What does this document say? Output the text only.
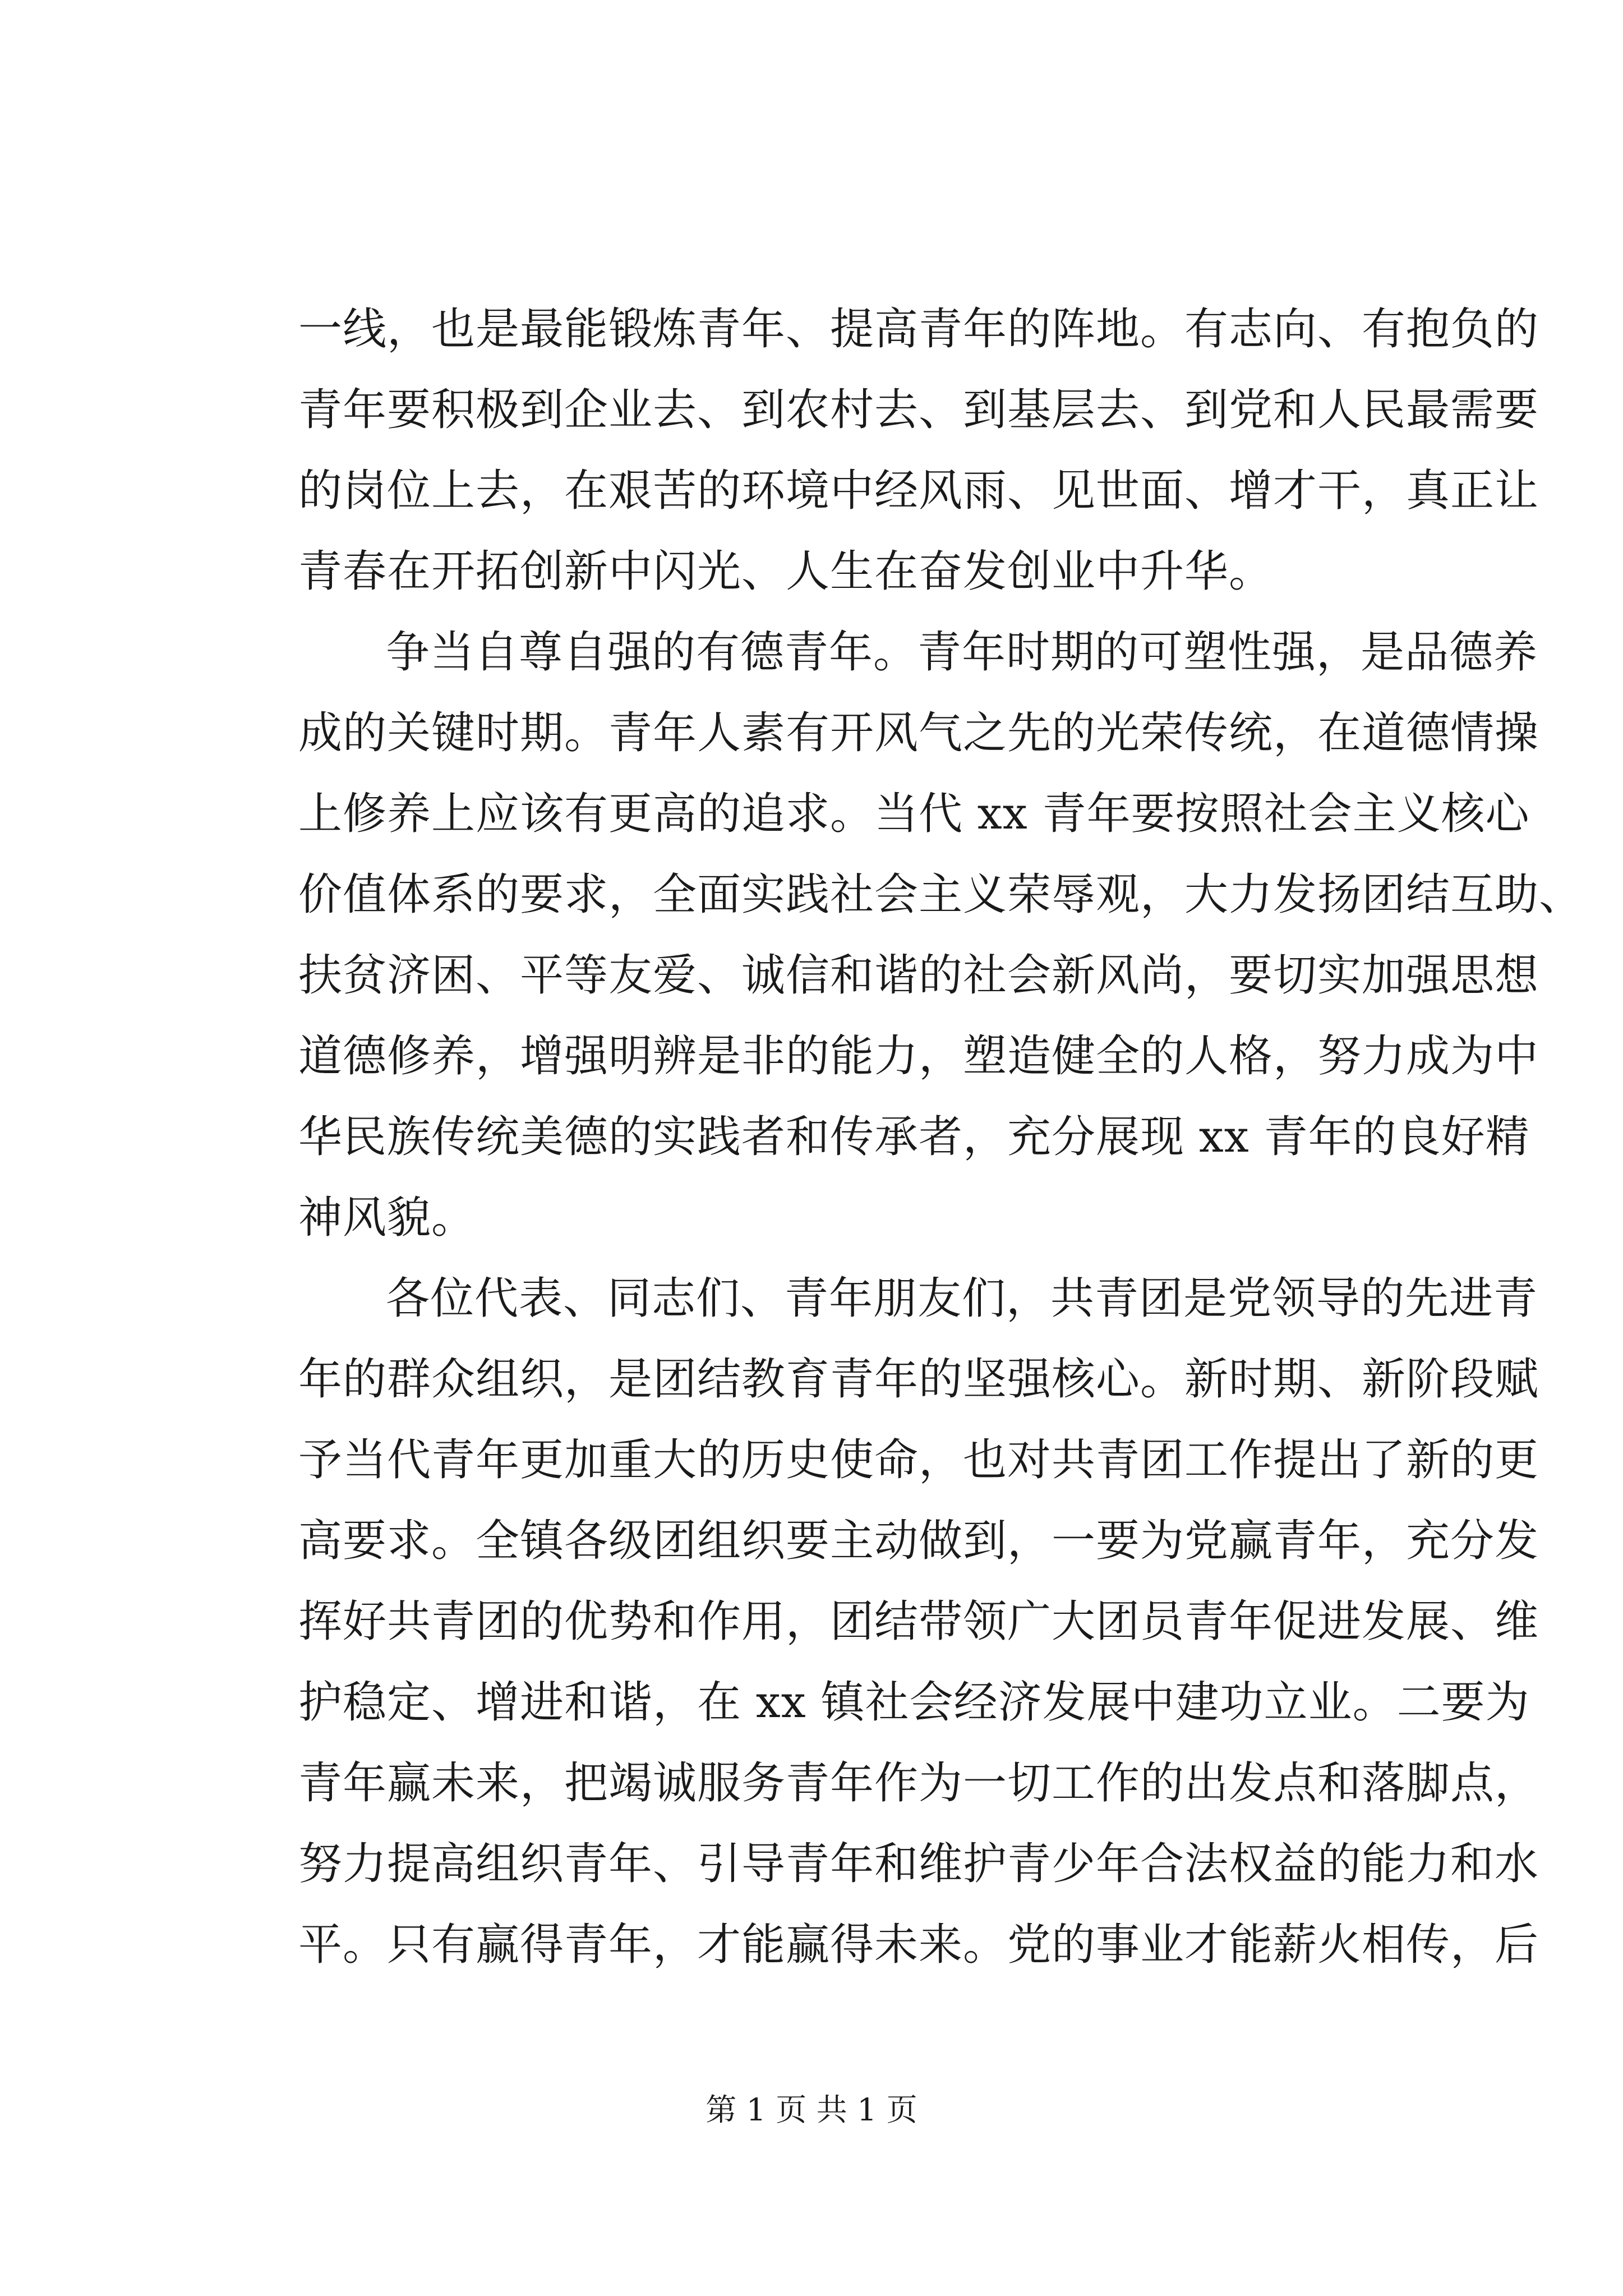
一线，也是最能锻炼青年、提高青年的阵地。有志向、有抱负的
青年要积极到企业去、到农村去、到基层去、到党和人民最需要
的岗位上去，在艰苦的环境中经风雨、见世面、增才干，真正让
青春在开拓创新中闪光、人生在奋发创业中升华。
争当自尊自强的有德青年。青年时期的可塑性强，是品德养
成的关键时期。青年人素有开风气之先的光荣传统，在道德情操
上修养上应该有更高的追求。当代 xx 青年要按照社会主义核心
价值体系的要求，全面实践社会主义荣辱观，大力发扬团结互助、
扶贫济困、平等友爱、诚信和谐的社会新风尚，要切实加强思想
道德修养，增强明辨是非的能力，塑造健全的人格，努力成为中
华民族传统美德的实践者和传承者，充分展现 xx 青年的良好精
神风貌。
各位代表、同志们、青年朋友们，共青团是党领导的先进青
年的群众组织，是团结教育青年的坚强核心。新时期、新阶段赋
予当代青年更加重大的历史使命，也对共青团工作提出了新的更
高要求。全镇各级团组织要主动做到，一要为党赢青年，充分发
挥好共青团的优势和作用，团结带领广大团员青年促进发展、维
护稳定、增进和谐，在 xx 镇社会经济发展中建功立业。二要为
青年赢未来，把竭诚服务青年作为一切工作的出发点和落脚点，
努力提高组织青年、引导青年和维护青少年合法权益的能力和水
平。只有赢得青年，才能赢得未来。党的事业才能薪火相传，后
第 1 页 共 1 页
